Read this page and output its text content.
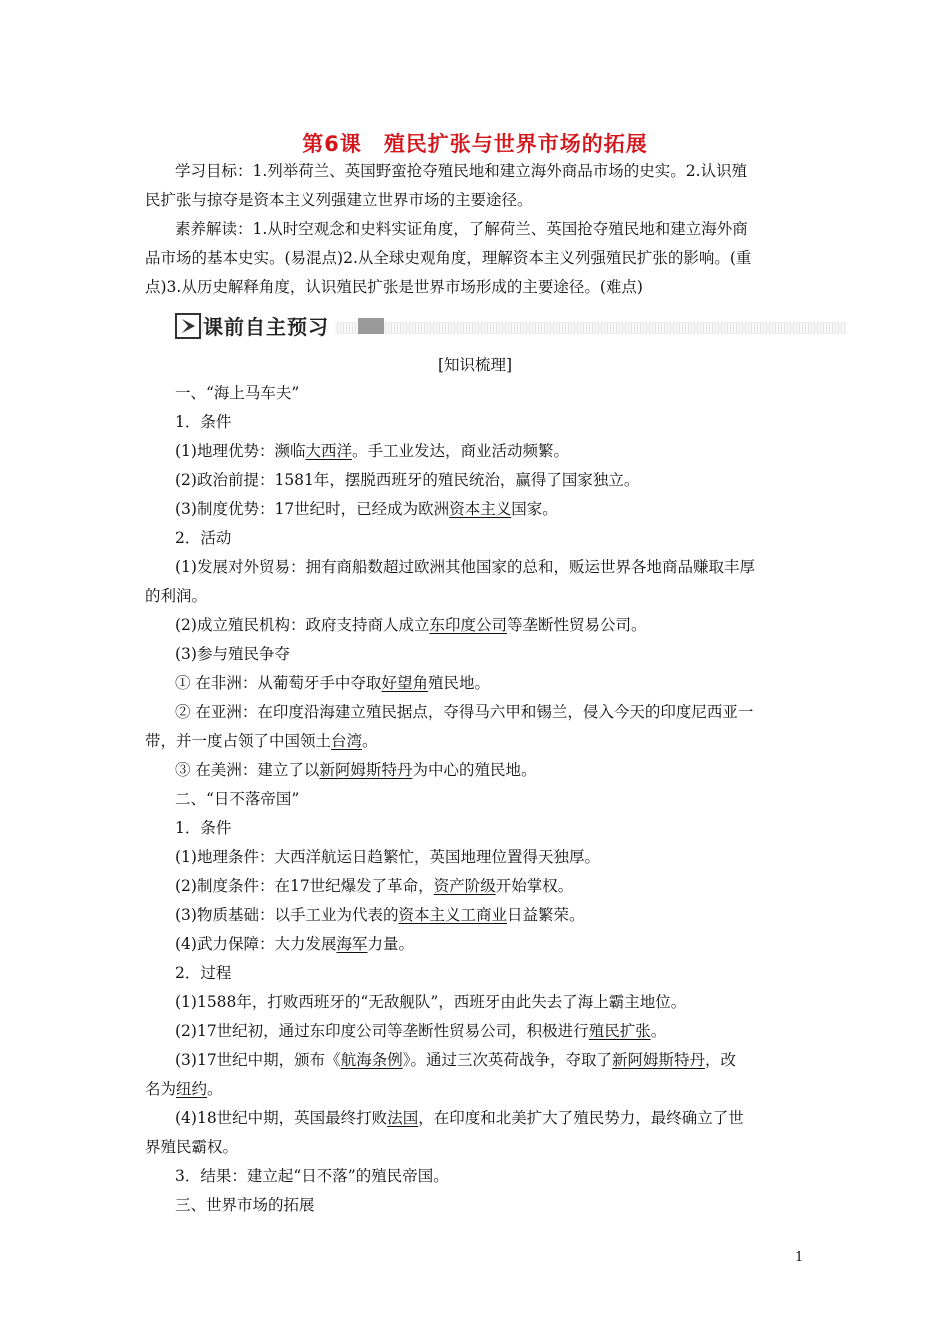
第6课 殖民扩张与世界市场的拓展
学习目标：1.列举荷兰、英国野蛮抢夺殖民地和建立海外商品市场的史实。2.认识殖
民扩张与掠夺是资本主义列强建立世界市场的主要途径。
素养解读：1.从时空观念和史料实证角度，了解荷兰、英国抢夺殖民地和建立海外商
品市场的基本史实。(易混点)2.从全球史观角度，理解资本主义列强殖民扩张的影响。(重
点)3.从历史解释角度，认识殖民扩张是世界市场形成的主要途径。(难点)
课前自主预习
[知识梳理]
一、“海上马车夫”
1．条件
(1)地理优势：濒临大西洋。手工业发达，商业活动频繁。
(2)政治前提：1581年，摆脱西班牙的殖民统治，赢得了国家独立。
(3)制度优势：17世纪时，已经成为欧洲资本主义国家。
2．活动
(1)发展对外贸易：拥有商船数超过欧洲其他国家的总和，贩运世界各地商品赚取丰厚
的利润。
(2)成立殖民机构：政府支持商人成立东印度公司等垄断性贸易公司。
(3)参与殖民争夺
① 在非洲：从葡萄牙手中夺取好望角殖民地。
② 在亚洲：在印度沿海建立殖民据点，夺得马六甲和锡兰，侵入今天的印度尼西亚一
带，并一度占领了中国领土台湾。
③ 在美洲：建立了以新阿姆斯特丹为中心的殖民地。
二、“日不落帝国”
1．条件
(1)地理条件：大西洋航运日趋繁忙，英国地理位置得天独厚。
(2)制度条件：在17世纪爆发了革命，资产阶级开始掌权。
(3)物质基础：以手工业为代表的资本主义工商业日益繁荣。
(4)武力保障：大力发展海军力量。
2．过程
(1)1588年，打败西班牙的“无敌舰队”，西班牙由此失去了海上霸主地位。
(2)17世纪初，通过东印度公司等垄断性贸易公司，积极进行殖民扩张。
(3)17世纪中期，颁布《航海条例》。通过三次英荷战争，夺取了新阿姆斯特丹，改
名为纽约。
(4)18世纪中期，英国最终打败法国，在印度和北美扩大了殖民势力，最终确立了世
界殖民霸权。
3．结果：建立起“日不落”的殖民帝国。
三、世界市场的拓展
1
